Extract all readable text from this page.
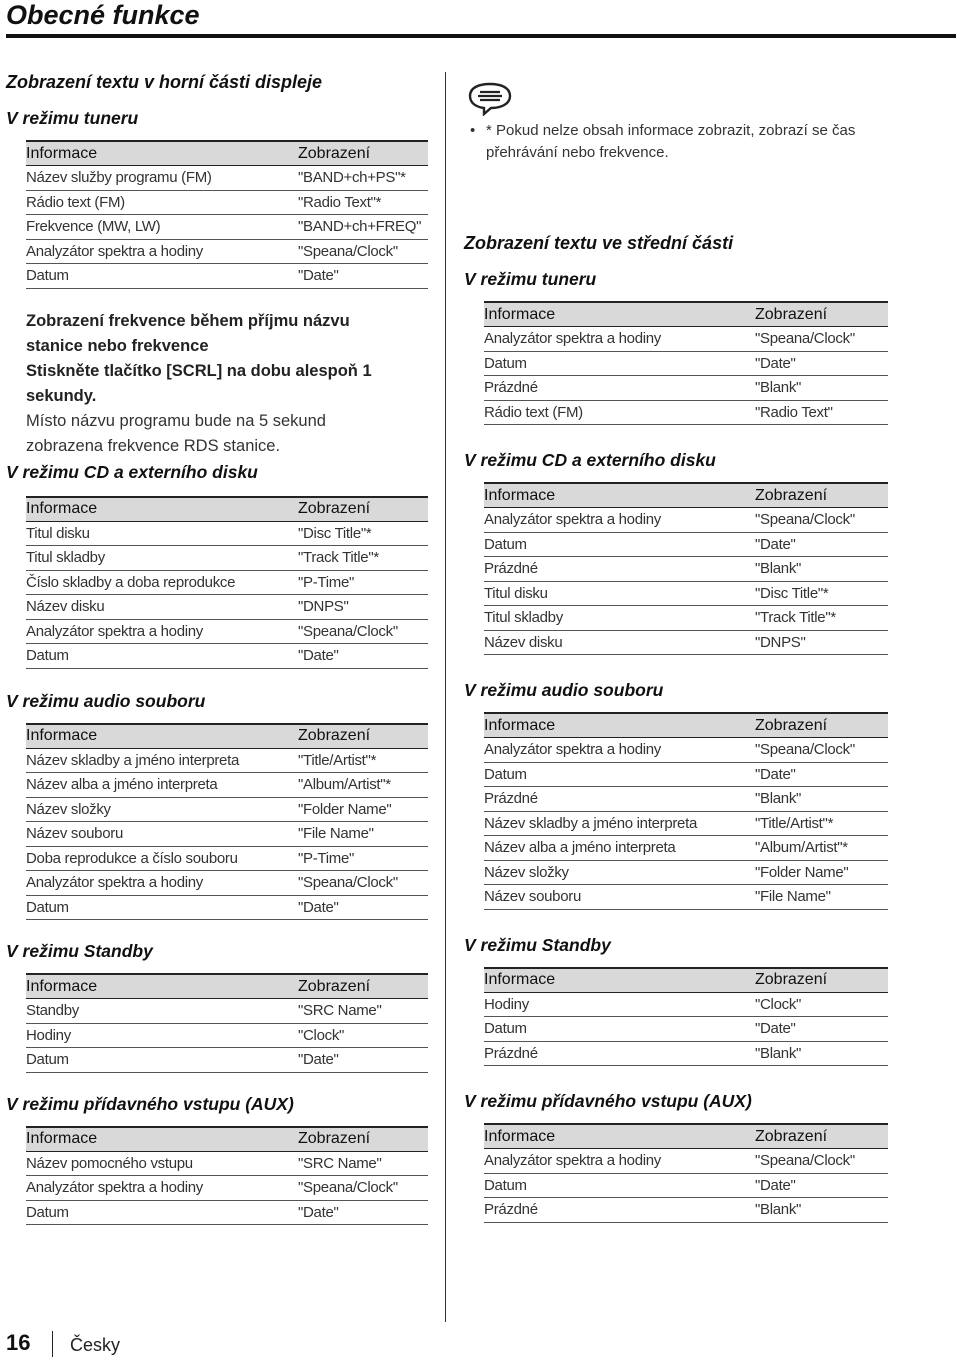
Obecné funkce
Zobrazení textu v horní části displeje
V režimu tuneru
Informace	Zobrazení
Název služby programu (FM)	"BAND+ch+PS"*
Rádio text (FM)	"Radio Text"*
Frekvence (MW, LW)	"BAND+ch+FREQ"
Analyzátor spektra a hodiny	"Speana/Clock"
Datum	"Date"
Zobrazení frekvence během příjmu názvu
stanice nebo frekvence
Stiskněte tlačítko [SCRL] na dobu alespoň 1
sekundy.
Místo názvu programu bude na 5 sekund
zobrazena frekvence RDS stanice.
V režimu CD a externího disku
Informace	Zobrazení
Titul disku	"Disc Title"*
Titul skladby	"Track Title"*
Číslo skladby a doba reprodukce	"P-Time"
Název disku	"DNPS"
Analyzátor spektra a hodiny	"Speana/Clock"
Datum	"Date"
V režimu audio souboru
Informace	Zobrazení
Název skladby a jméno interpreta	"Title/Artist"*
Název alba a jméno interpreta	"Album/Artist"*
Název složky	"Folder Name"
Název souboru	"File Name"
Doba reprodukce a číslo souboru	"P-Time"
Analyzátor spektra a hodiny	"Speana/Clock"
Datum	"Date"
V režimu Standby
Informace	Zobrazení
Standby	"SRC Name"
Hodiny	"Clock"
Datum	"Date"
V režimu přídavného vstupu (AUX)
Informace	Zobrazení
Název pomocného vstupu	"SRC Name"
Analyzátor spektra a hodiny	"Speana/Clock"
Datum	"Date"

• * Pokud nelze obsah informace zobrazit, zobrazí se čas přehrávání nebo frekvence.

Zobrazení textu ve střední části
V režimu tuneru
Informace	Zobrazení
Analyzátor spektra a hodiny	"Speana/Clock"
Datum	"Date"
Prázdné	"Blank"
Rádio text (FM)	"Radio Text"
V režimu CD a externího disku
Informace	Zobrazení
Analyzátor spektra a hodiny	"Speana/Clock"
Datum	"Date"
Prázdné	"Blank"
Titul disku	"Disc Title"*
Titul skladby	"Track Title"*
Název disku	"DNPS"
V režimu audio souboru
Informace	Zobrazení
Analyzátor spektra a hodiny	"Speana/Clock"
Datum	"Date"
Prázdné	"Blank"
Název skladby a jméno interpreta	"Title/Artist"*
Název alba a jméno interpreta	"Album/Artist"*
Název složky	"Folder Name"
Název souboru	"File Name"
V režimu Standby
Informace	Zobrazení
Hodiny	"Clock"
Datum	"Date"
Prázdné	"Blank"
V režimu přídavného vstupu (AUX)
Informace	Zobrazení
Analyzátor spektra a hodiny	"Speana/Clock"
Datum	"Date"
Prázdné	"Blank"
16 Česky
